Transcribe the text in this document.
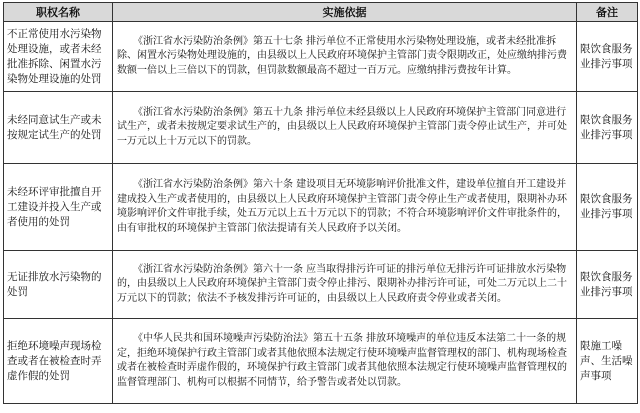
职权名称	实施依据	备注
不正常使用水污染物处理设施，或者未经批准拆除、闲置水污染物处理设施的处罚	《浙江省水污染防治条例》第五十七条 排污单位不正常使用水污染物处理设施，或者未经批准拆除、闲置水污染物处理设施的，由县级以上人民政府环境保护主管部门责令限期改正，处应缴纳排污费数额一倍以上三倍以下的罚款，但罚款数额最高不超过一百万元。应缴纳排污费按年计算。	限饮食服务业排污事项
未经同意试生产或未按规定试生产的处罚	《浙江省水污染防治条例》第五十九条 排污单位未经县级以上人民政府环境保护主管部门同意进行试生产，或者未按规定要求试生产的，由县级以上人民政府环境保护主管部门责令停止试生产，并可处一万元以上十万元以下的罚款。	限饮食服务业排污事项
未经环评审批擅自开工建设并投入生产或者使用的处罚	《浙江省水污染防治条例》第六十条 建设项目无环境影响评价批准文件，建设单位擅自开工建设并建成投入生产或者使用的，由县级以上人民政府环境保护主管部门责令停止生产或者使用，限期补办环境影响评价文件审批手续，处五万元以上五十万元以下的罚款；不符合环境影响评价文件审批条件的，由有审批权的环境保护主管部门依法提请有关人民政府予以关闭。	限饮食服务业排污事项
无证排放水污染物的处罚	《浙江省水污染防治条例》第六十一条 应当取得排污许可证的排污单位无排污许可证排放水污染物的，由县级以上人民政府环境保护主管部门责令停止排污、限期补办排污许可证，可处二万元以上二十万元以下的罚款；依法不予核发排污许可证的，由县级以上人民政府责令停业或者关闭。	限饮食服务业排污事项
拒绝环境噪声现场检查或者在被检查时弄虚作假的处罚	《中华人民共和国环境噪声污染防治法》第五十五条 排放环境噪声的单位违反本法第二十一条的规定，拒绝环境保护行政主管部门或者其他依照本法规定行使环境噪声监督管理权的部门、机构现场检查或者在被检查时弄虚作假的，环境保护行政主管部门或者其他依照本法规定行使环境噪声监督管理权的监督管理部门、机构可以根据不同情节，给予警告或者处以罚款。	限施工噪声、生活噪声事项
